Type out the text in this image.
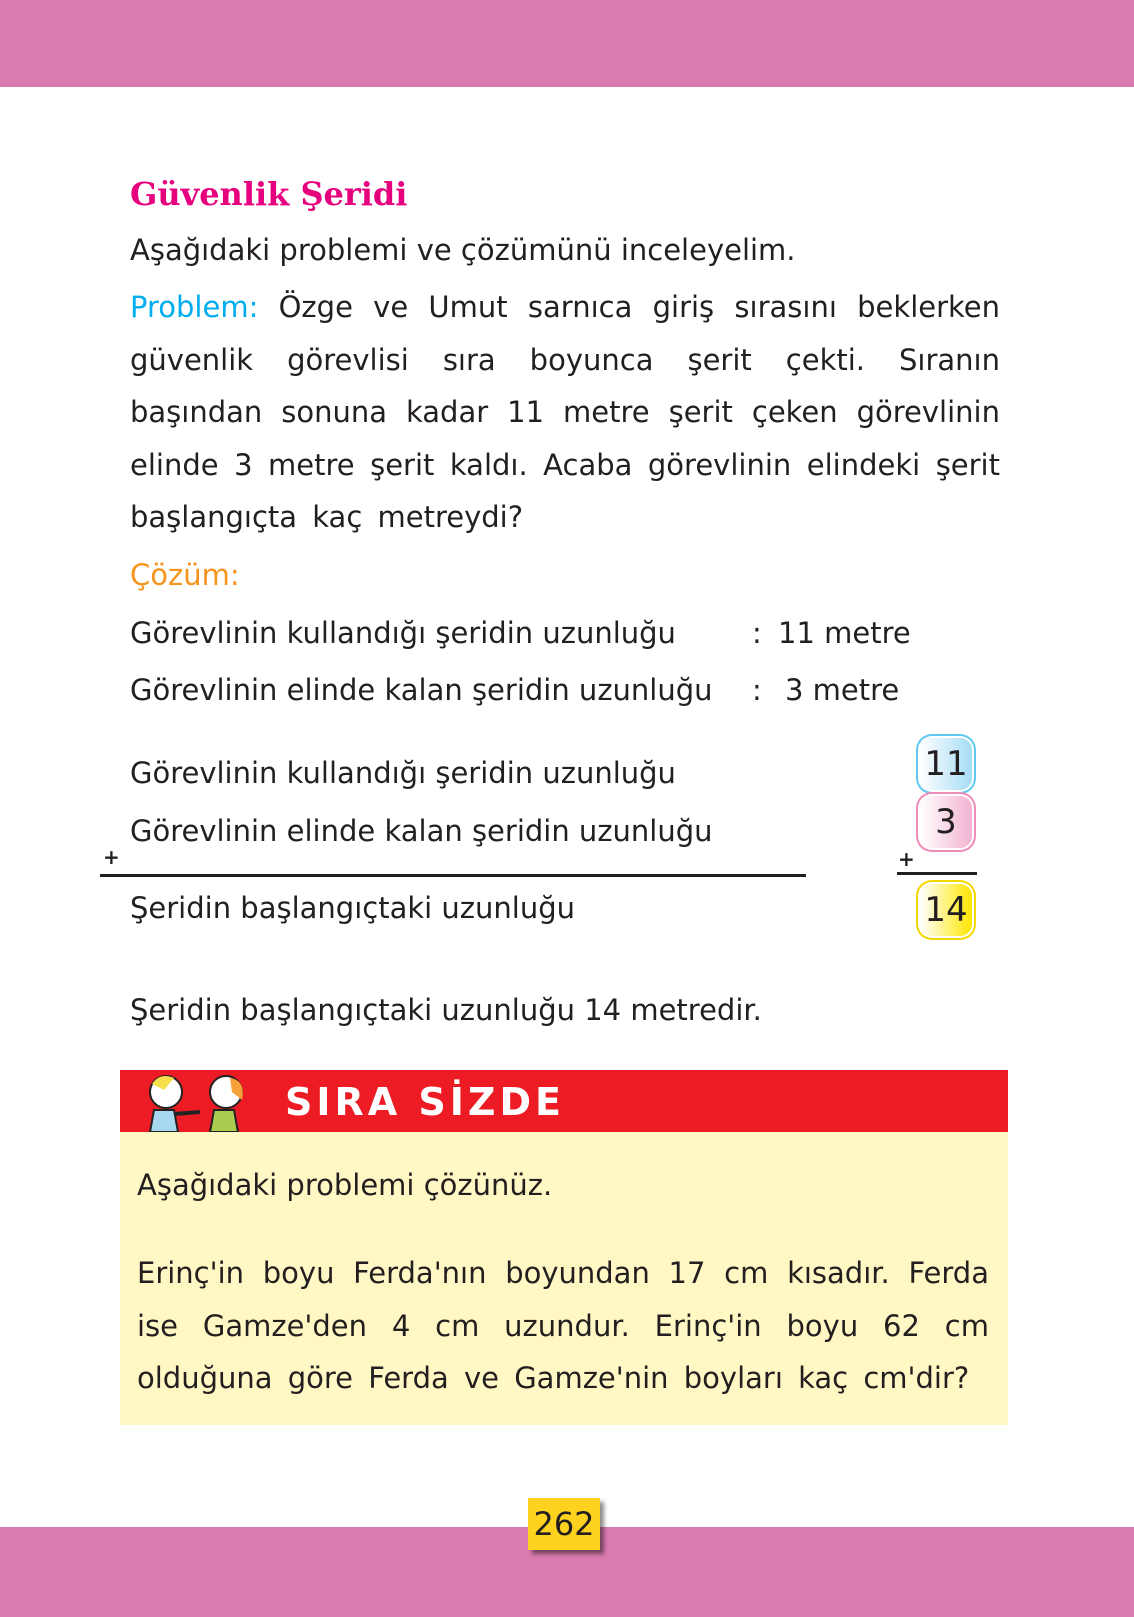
Güvenlik Şeridi
Aşağıdaki problemi ve çözümünü inceleyelim.
Problem: Özge ve Umut sarnıca giriş sırasını beklerken güvenlik görevlisi sıra boyunca şerit çekti. Sıranın başından sonuna kadar 11 metre şerit çeken görevlinin elinde 3 metre şerit kaldı. Acaba görevlinin elindeki şerit başlangıçta kaç metreydi?
Çözüm:
Görevlinin kullandığı şeridin uzunluğu	: 11 metre
Görevlinin elinde kalan şeridin uzunluğu : 3 metre
Görevlinin kullandığı şeridin uzunluğu
Görevlinin elinde kalan şeridin uzunluğu
+
Şeridin başlangıçtaki uzunluğu
11
3
+
14
Şeridin başlangıçtaki uzunluğu 14 metredir.
SIRA SİZDE
Aşağıdaki problemi çözünüz.
Erinç'in boyu Ferda'nın boyundan 17 cm kısadır. Ferda ise Gamze'den 4 cm uzundur. Erinç'in boyu 62 cm olduğuna göre Ferda ve Gamze'nin boyları kaç cm'dir?
262
